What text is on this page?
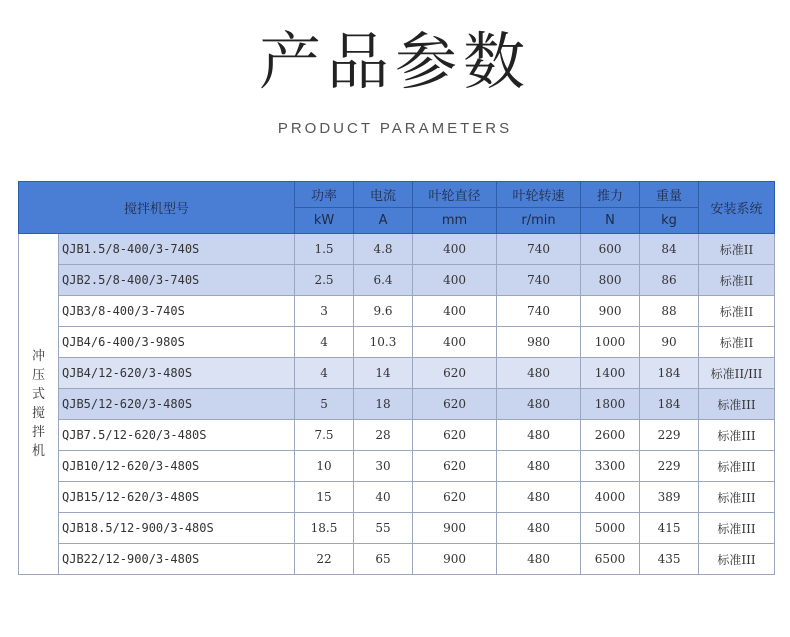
产品参数
PRODUCT PARAMETERS
搅拌机型号		功率	电流	叶轮直径	叶轮转速	推力	重量	安装系统
		kW	A	mm	r/min	N	kg	
冲压式搅拌机	QJB1.5/8-400/3-740S	1.5	4.8	400	740	600	84	标准II
	QJB2.5/8-400/3-740S	2.5	6.4	400	740	800	86	标准II
	QJB3/8-400/3-740S	3	9.6	400	740	900	88	标准II
	QJB4/6-400/3-980S	4	10.3	400	980	1000	90	标准II
	QJB4/12-620/3-480S	4	14	620	480	1400	184	标准II/III
	QJB5/12-620/3-480S	5	18	620	480	1800	184	标准III
	QJB7.5/12-620/3-480S	7.5	28	620	480	2600	229	标准III
	QJB10/12-620/3-480S	10	30	620	480	3300	229	标准III
	QJB15/12-620/3-480S	15	40	620	480	4000	389	标准III
	QJB18.5/12-900/3-480S	18.5	55	900	480	5000	415	标准III
	QJB22/12-900/3-480S	22	65	900	480	6500	435	标准III
